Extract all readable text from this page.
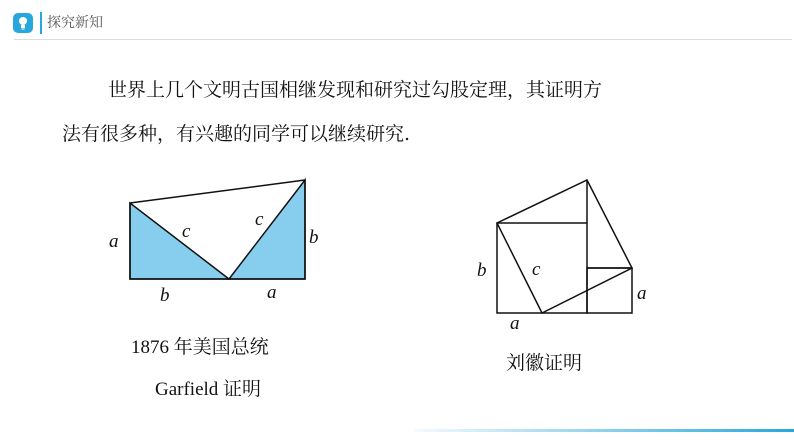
探究新知
世界上几个文明古国相继发现和研究过勾股定理，其证明方
法有很多种，有兴趣的同学可以继续研究.
a	c
c
b
b	a
1876 年美国总统
Garfield 证明
b c
a
a
刘徽证明
